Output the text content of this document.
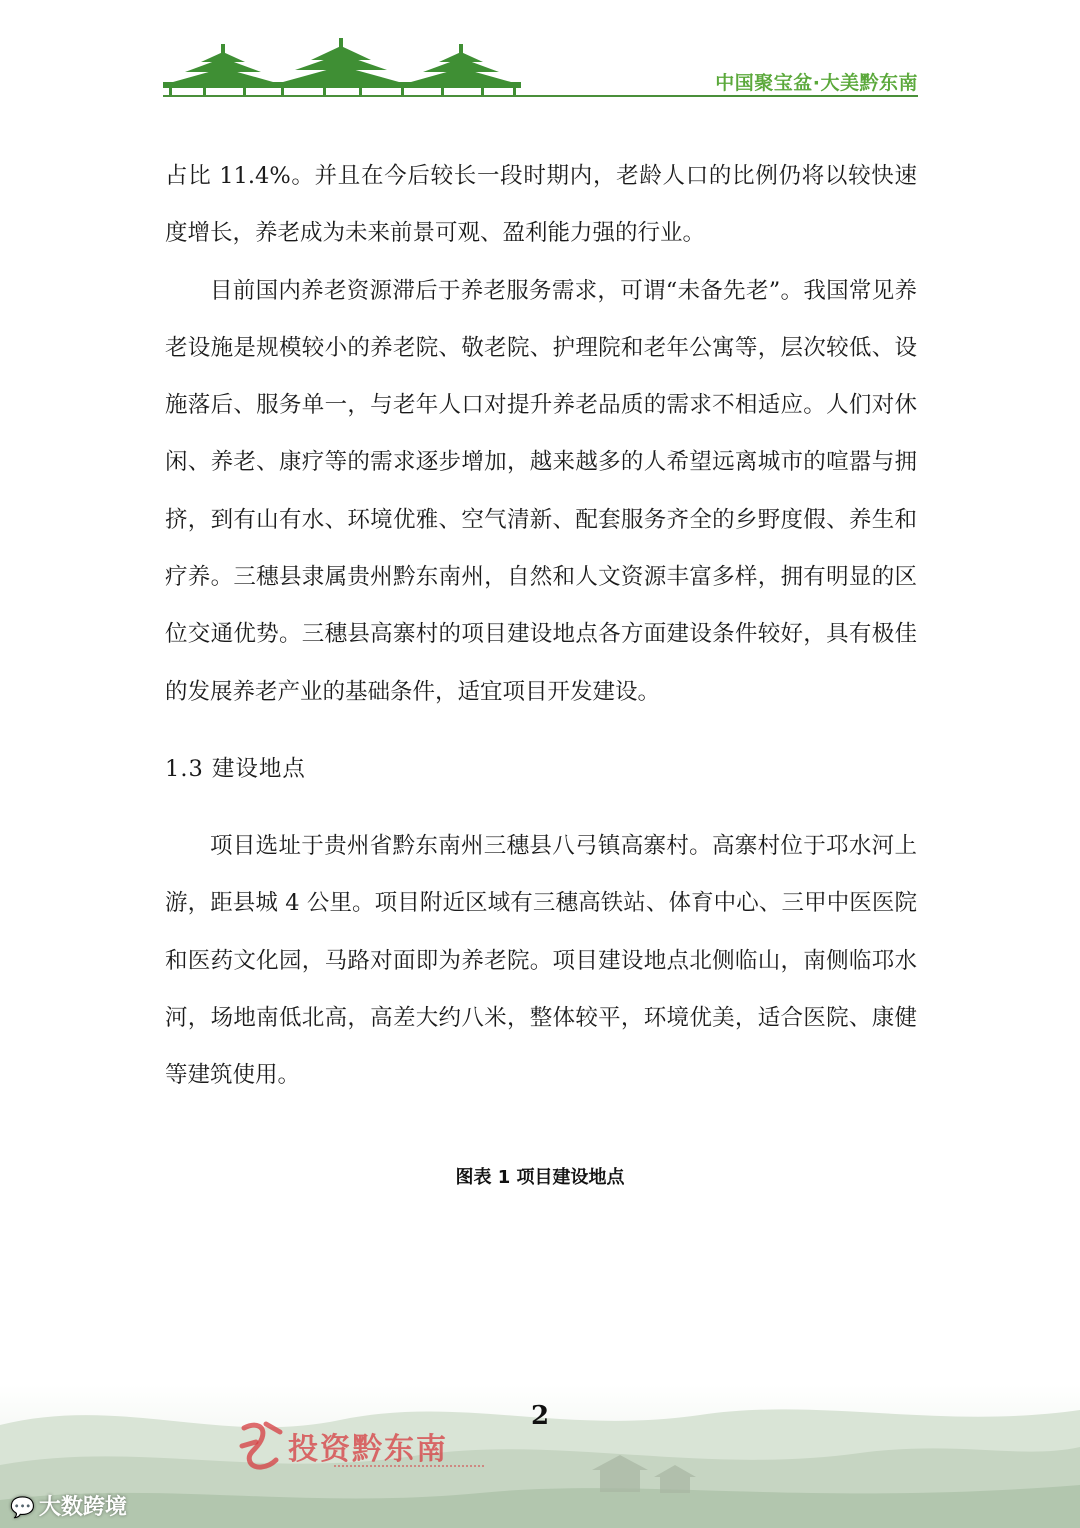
中国聚宝盆·大美黔东南

占比 11.4%。并且在今后较长一段时期内，老龄人口的比例仍将以较快速度增长，养老成为未来前景可观、盈利能力强的行业。

目前国内养老资源滞后于养老服务需求，可谓“未备先老”。我国常见养老设施是规模较小的养老院、敬老院、护理院和老年公寓等，层次较低、设施落后、服务单一，与老年人口对提升养老品质的需求不相适应。人们对休闲、养老、康疗等的需求逐步增加，越来越多的人希望远离城市的喧嚣与拥挤，到有山有水、环境优雅、空气清新、配套服务齐全的乡野度假、养生和疗养。三穗县隶属贵州黔东南州，自然和人文资源丰富多样，拥有明显的区位交通优势。三穗县高寨村的项目建设地点各方面建设条件较好，具有极佳的发展养老产业的基础条件，适宜项目开发建设。

1.3 建设地点

项目选址于贵州省黔东南州三穗县八弓镇高寨村。高寨村位于邛水河上游，距县城 4 公里。项目附近区域有三穗高铁站、体育中心、三甲中医医院和医药文化园，马路对面即为养老院。项目建设地点北侧临山，南侧临邛水河，场地南低北高，高差大约八米，整体较平，环境优美，适合医院、康健等建筑使用。

图表 1 项目建设地点
2
投资黔东南
💬 大数跨境
